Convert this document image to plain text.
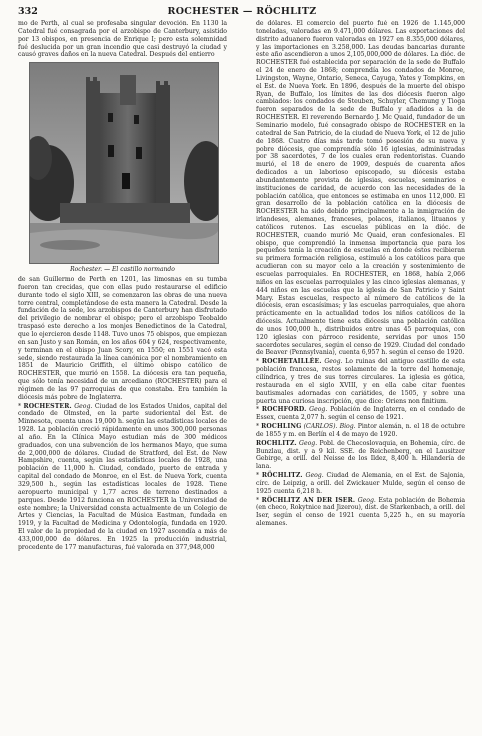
332	ROCHESTER — RÖCHLITZ

mo de Perth, al cual se profesaba singular devoción. En 1130 la Catedral fué consagrada por el arzobispo de Canterbury, asistido por 13 obispos, en presencia de Enrique I; pero esta solemnidad fué deslucida por un gran incendio que casi destruyó la ciudad y causó graves daños en la nueva Catedral. Después del entierro

Rochester. — El castillo normando

de san Guillermo de Perth en 1201, las limosnas en su tumba fueron tan crecidas, que con ellas pudo restaurarse el edificio durante todo el siglo XIII, se comenzaron las obras de una nueva torre central, completándose de esta manera la Catedral. Desde la fundación de la sede, los arzobispos de Canterbury han disfrutado del privilegio de nombrar el obispo; pero el arzobispo Teobaldo traspasó este derecho a los monjes Benedictinos de la Catedral, que lo ejercieron desde 1148. Tuvo unos 75 obispos, que empiezan en san Justo y san Román, en los años 604 y 624, respectivamente, y terminan en el obispo Juan Scory, en 1550; en 1551 vacó esta sede, siendo restaurada la línea canónica por el nombramiento en 1851 de Mauricio Griffith, el último obispo católico de ROCHESTER, que murió en 1558. La diócesis era tan pequeña, que sólo tenía necesidad de un arcediano (ROCHESTER) para el régimen de las 97 parroquias de que constaba. Era también la diócesis más pobre de Inglaterra.

* ROCHESTER. Geog. Ciudad de los Estados Unidos, capital del condado de Olmsted, en la parte sudoriental del Est. de Minnesota, cuenta unos 19,000 h. según las estadísticas locales de 1928. La población creció rápidamente en unos 300,000 personas al año. En la Clínica Mayo estudian más de 300 médicos graduados, con una subvención de los hermanos Mayo, que suma de 2,000,000 de dólares. Ciudad de Stratford, del Est. de New Hampshire, cuenta, según las estadísticas locales de 1928, una población de 11,000 h. Ciudad, condado, puerto de entrada y capital del condado de Monroe, en el Est. de Nueva York, cuenta 329,500 h., según las estadísticas locales de 1928. Tiene aeropuerto municipal y 1,77 acres de terreno destinados a parques. Desde 1912 funciona en ROCHESTER la Universidad de este nombre; la Universidad consta actualmente de un Colegio de Artes y Ciencias, la Facultad de Música Eastman, fundada en 1919, y la Facultad de Medicina y Odontología, fundada en 1920. El valor de la propiedad de la ciudad en 1927 ascendía a más de 433,000,000 de dólares. En 1925 la producción industrial, procedente de 177 manufacturas, fué valorada en 377,948,000

de dólares. El comercio del puerto fué en 1926 de 1.145,000 toneladas, valoradas en 9.471,000 dólares. Las exportaciones del distrito aduanero fueron valoradas en 1927 en 8.355,000 dólares, y las importaciones en 3.258,000. Las deudas bancarias durante este año ascendieron a unos 2,105,000,000 de dólares. La dióc. de ROCHESTER fué establecida por separación de la sede de Buffalo el 24 de enero de 1868; comprendía los condados de Monroe, Livingston, Wayne, Ontario, Seneca, Cayuga, Yates y Tompkins, en el Est. de Nueva York. En 1896, después de la muerte del obispo Ryan, de Buffalo, los límites de las dos diócesis fueron algo cambiados: los condados de Steuben, Schuyler, Chemung y Tioga fueron separados de la sede de Buffalo y añadidos a la de ROCHESTER. El reverendo Bernardo J. Mc Quaid, fundador de un Seminario modelo, fué consagrado obispo de ROCHESTER en la catedral de San Patricio, de la ciudad de Nueva York, el 12 de julio de 1868. Cuatro días más tarde tomó posesión de su nueva y pobre diócesis, que comprendía sólo 16 iglesias, administradas por 38 sacerdotes, 7 de los cuales eran redentoristas. Cuando murió, el 18 de enero de 1909, después de cuarenta años dedicados a un laborioso episcopado, su diócesis estaba abundantemente provista de iglesias, escuelas, seminarios e instituciones de caridad, de acuerdo con las necesidades de la población católica, que entonces se estimaba en unos 112,000. El gran desarrollo de la población católica en la diócesis de ROCHESTER ha sido debido principalmente a la inmigración de irlandeses, alemanes, franceses, polacos, italianos, lituanos y católicos rutenos. Las escuelas públicas en la dióc. de ROCHESTER, cuando murió Mc Quaid, eran confesionales. El obispo, que comprendió la inmensa importancia que para los pequeños tenía la creación de escuelas en donde éstos recibieran su primera formación religiosa, estimuló a los católicos para que acudieran con su mayor celo a la creación y sostenimiento de escuelas parroquiales. En ROCHESTER, en 1868, había 2,066 niños en las escuelas parroquiales y las cinco iglesias alemanas, y 444 niños en las escuelas que la iglesia de San Patricio y Saint Mary. Estas escuelas, respecto al número de católicos de la diócesis, eran escasísimas; y las escuelas parroquiales, que ahora prácticamente en la actualidad todos los niños católicos de la diócesis. Actualmente tiene esta diócesis una población católica de unos 100,000 h., distribuidos entre unas 45 parroquias, con 120 iglesias con párroco residente, servidas por unos 150 sacerdotes seculares, según el censo de 1929. Ciudad del condado de Beaver (Pennsylvania), cuenta 6,957 h. según el censo de 1920.

* ROCHETAILLÉE. Geog. Lo ruinas del antiguo castillo de esta población francesa, restos solamente de la torre del homenaje, cilíndrica, y tres de sus torres circulares. La iglesia es gótica, restaurada en el siglo XVIII, y en ella cabe citar fuentes bautismales adornadas con cariátides, de 1505, y sobre una puerta una curiosa inscripción, que dice: Oriens non finitium.

* ROCHFORD. Geog. Población de Inglaterra, en el condado de Essex, cuenta 2,077 h. según el censo de 1921.

* ROCHLING (CARLOS). Biog. Pintor alemán, n. el 18 de octubre de 1855 y m. en Berlín el 4 de mayo de 1920.

ROCHLITZ. Geog. Pobl. de Checoslovaquia, en Bohemia, círc. de Bunzlau, dist. y a 9 kil. SSE. de Reichenberg, en el Lausitzer Gebirge, a orill. del Neisse de los Ildez, 8,400 h. Hilandería de lana.

* RÖCHLITZ. Geog. Ciudad de Alemania, en el Est. de Sajonia, círc. de Leipzig, a orill. del Zwickauer Mulde, según el censo de 1925 cuenta 6,218 h.

* RÖCHLITZ AN DER ISER. Geog. Esta población de Bohemia (en checo, Rokytnice nad Jizerou), dist. de Starkenbach, a orill. del Iser, según el censo de 1921 cuenta 5,225 h., en su mayoría alemanes.
